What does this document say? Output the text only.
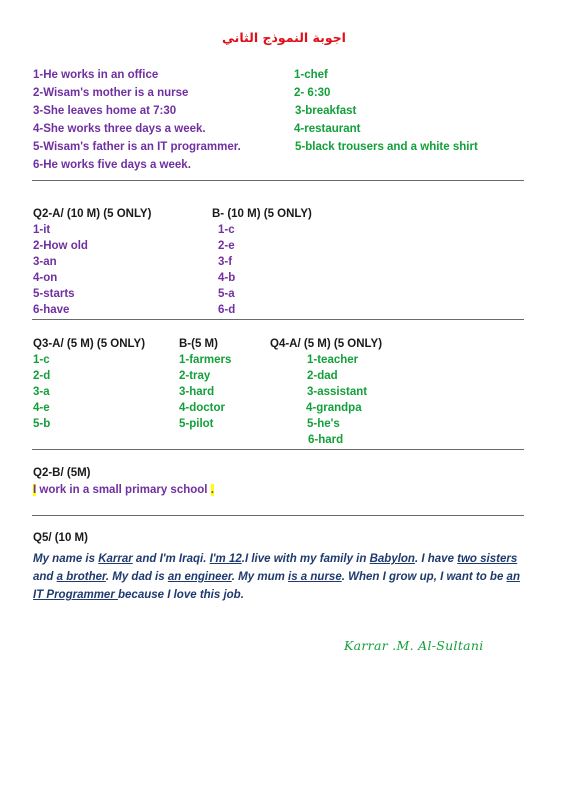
اجوبة النموذج الثاني
1-He works in an office
2-Wisam's mother is a nurse
3-She leaves home at 7:30
4-She works three days a week.
5-Wisam's father is an IT programmer.
6-He works five days a week.
1-chef
2- 6:30
3-breakfast
4-restaurant
5-black trousers and a white shirt
Q2-A/ (10 M) (5 ONLY)
1-it
2-How old
3-an
4-on
5-starts
6-have
B- (10 M) (5 ONLY)
1-c
2-e
3-f
4-b
5-a
6-d
Q3-A/ (5 M) (5 ONLY)
1-c
2-d
3-a
4-e
5-b
B-(5 M)
1-farmers
2-tray
3-hard
4-doctor
5-pilot
Q4-A/ (5 M) (5 ONLY)
1-teacher
2-dad
3-assistant
4-grandpa
5-he's
6-hard
Q2-B/ (5M)
I work in a small primary school .
Q5/ (10 M)
My name is Karrar and I'm Iraqi. I'm 12.I live with my family in Babylon. I have two sisters and a brother. My dad is an engineer. My mum is a nurse. When I grow up, I want to be an IT Programmer because I love this job.
Karrar .M. Al-Sultani
